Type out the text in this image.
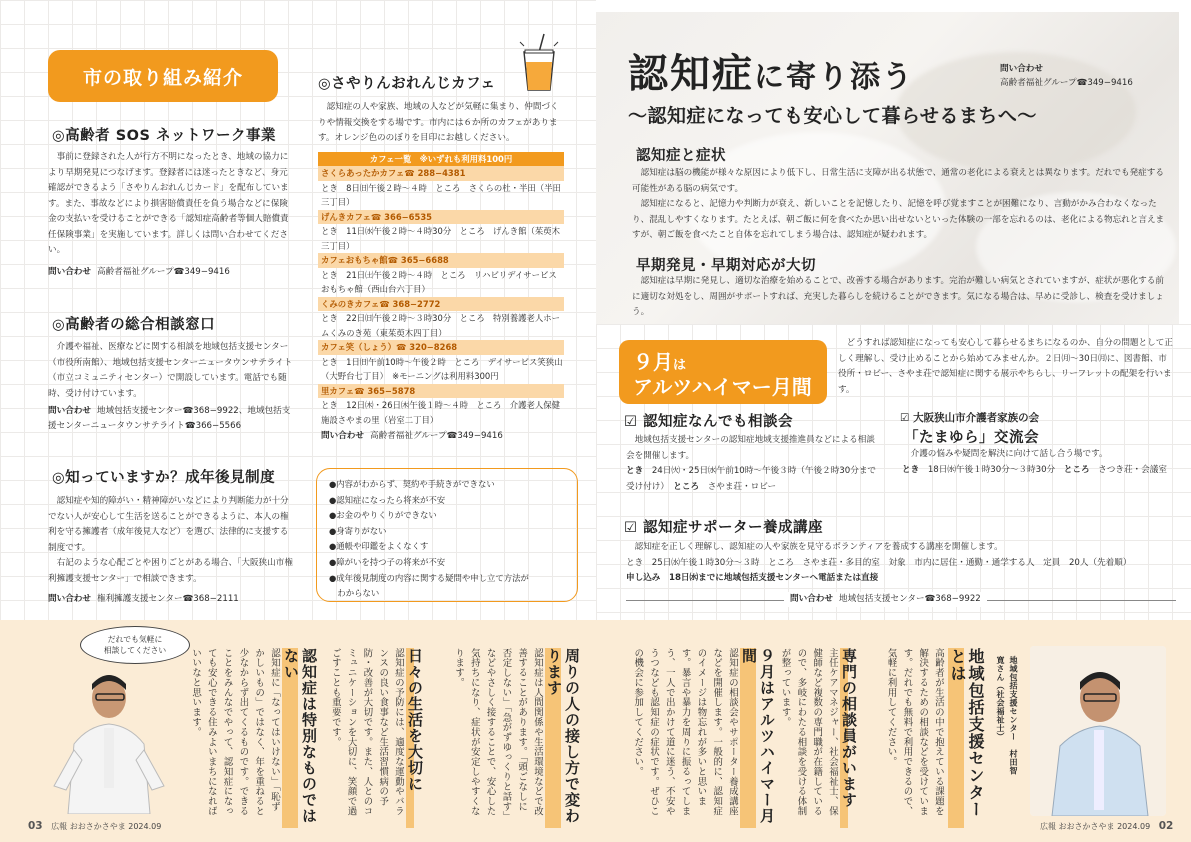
市の取り組み紹介
◎高齢者 SOS ネットワーク事業

事前に登録された人が行方不明になったとき、地域の協力により早期発見につなげます。登録者には迷ったときなど、身元確認ができるよう「さやりんおれんじカード」を配布しています。また、事故などにより損害賠償責任を負う場合などに保険金の支払いを受けることができる「認知症高齢者等個人賠償責任保険事業」を実施しています。詳しくは問い合わせてください。

問い合わせ 高齢者福祉グループ☎349−9416
◎高齢者の総合相談窓口

介護や福祉、医療などに関する相談を地域包括支援センター（市役所南館）、地域包括支援センターニュータウンサテライト（市立コミュニティセンター）で開設しています。電話でも随時、受け付けています。

問い合わせ 地域包括支援センター☎368−9922、地域包括支援センターニュータウンサテライト☎366−5566
◎知っていますか？成年後見制度

認知症や知的障がい・精神障がいなどにより判断能力が十分でない人が安心して生活を送ることができるように、本人の権利を守る擁護者（成年後見人など）を選び、法律的に支援する制度です。

右記のような心配ごとや困りごとがある場合、「大阪狭山市権利擁護支援センター」で相談できます。

問い合わせ 権利擁護支援センター☎368−2111
◎さやりんおれんじカフェ

認知症の人や家族、地域の人などが気軽に集まり、仲間づくりや情報交換をする場です。市内には６か所のカフェがあります。オレンジ色ののぼりを目印にお越しください。

カフェ一覧　※いずれも利用料100円
さくらあったかカフェ☎ 288−4381
とき　8日㈰午後２時～４時　ところ　さくらの杜・半田（半田三丁目）
げんきカフェ☎ 366−6535
とき　11日㈬午後２時～４時30分　ところ　げんき館（茱萸木三丁目）
カフェおもちゃ館☎ 365−6688
とき　21日㈯午後２時～４時　ところ　リハビリデイサービスおもちゃ館（西山台六丁目）
くみのきカフェ☎ 368−2772
とき　22日㈰午後２時～３時30分　ところ　特別養護老人ホームくみのき苑（東茱萸木四丁目）
カフェ笑（しょう）☎ 320−8268
とき　1日㈰午前10時～午後２時　ところ　デイサービス笑狭山（大野台七丁目）　※モーニングは利用料300円
里カフェ☎ 365−5878
とき　12日㈭・26日㈭午後１時～４時　ところ　介護老人保健施設さやまの里（岩室二丁目）
問い合わせ 高齢者福祉グループ☎349−9416
●内容がわからず、契約や手続きができない
●認知症になったら将来が不安
●お金のやりくりができない
●身寄りがない
●通帳や印鑑をよくなくす
●障がいを持つ子の将来が不安
●成年後見制度の内容に関する疑問や申し立て方法が
　わからない
認知症に寄り添う
～認知症になっても安心して暮らせるまちへ～
問い合わせ
高齢者福祉グループ☎349−9416
認知症と症状

認知症は脳の機能が様々な原因により低下し、日常生活に支障が出る状態で、通常の老化による衰えとは異なります。だれでも発症する可能性がある脳の病気です。

認知症になると、記憶力や判断力が衰え、新しいことを記憶したり、記憶を呼び覚ますことが困難になり、言動がかみ合わなくなったり、混乱しやすくなります。たとえば、朝ご飯に何を食べたか思い出せないといった体験の一部を忘れるのは、老化による物忘れと言えますが、朝ご飯を食べたこと自体を忘れてしまう場合は、認知症が疑われます。

早期発見・早期対応が大切

認知症は早期に発見し、適切な治療を始めることで、改善する場合があります。完治が難しい病気とされていますが、症状が悪化する前に適切な対処をし、周囲がサポートすれば、充実した暮らしを続けることができます。気になる場合は、早めに受診し、検査を受けましょう。

９月は
アルツハイマー月間

どうすれば認知症になっても安心して暮らせるまちになるのか、自分の問題として正しく理解し、受け止めることから始めてみませんか。２日㈪～30日㈪に、図書館、市役所・ロビー、さやま荘で認知症に関する展示やちらし、リーフレットの配架を行います。

☑ 認知症なんでも相談会

地域包括支援センターの認知症地域支援推進員などによる相談会を開催します。

とき　 24日㈫・25日㈬午前10時～午後３時（午後２時30分まで受け付け）　 ところ　 さやま荘・ロビー
☑ 大阪狭山市介護者家族の会
「たまゆら」交流会

介護の悩みや疑問を解決に向けて話し合う場です。

とき　 18日㈬午後１時30分～３時30分　 ところ　 さつき荘・会議室
☑ 認知症サポーター養成講座

認知症を正しく理解し、認知症の人や家族を見守るボランティアを養成する講座を開催します。

とき　25日㈬午後１時30分～３時　ところ　さやま荘・多目的室　対象　市内に居住・通勤・通学する人　定員　20人（先着順）
申し込み　18日㈬までに地域包括支援センターへ電話または直接
問い合わせ 地域包括支援センター☎368−9922
だれでも気軽に
相談してください
地域包括支援センター　村田智寛さん（社会福祉士）
地域包括支援センターとは
高齢者が生活の中で抱えている課題を解決するための相談などを受けています。だれでも無料で利用できるので、気軽に利用してください。
専門の相談員がいます
主任ケアマネジャー、社会福祉士、保健師など複数の専門職が在籍しているので、多岐にわたる相談を受ける体制が整っています。
９月はアルツハイマー月間
認知症の相談会やサポーター養成講座などを開催します。一般的に、認知症のイメージは物忘れが多いと思います。暴言や暴力を周りに振るってしまう、一人で出かけて道に迷う、不安やうつなども認知症の症状です。ぜひこの機会に参加してください。
周りの人の接し方で変わります
認知症は人間関係や生活環境などで改善することがあります。「頭ごなしに否定しない」「急がずゆっくりと話す」などやさしく接することで、安心した気持ちになり、症状が安定しやすくなります。
日々の生活を大切に
認知症の予防には、適度な運動やバランスの良い食事など生活習慣病の予防・改善が大切です。また、人とのコミュニケーションを大切に、笑顔で過ごすことも重要です。
認知症は特別なものではない
認知症に「なってはいけない」「恥ずかしいもの」ではなく、年を重ねると少なからず出てくるものです。できることをみんなでやって、認知症になっても安心できる住みよいまちになればいいなと思います。
03 広報 おおさかさやま 2024.09	広報 おおさかさやま 2024.09 02
